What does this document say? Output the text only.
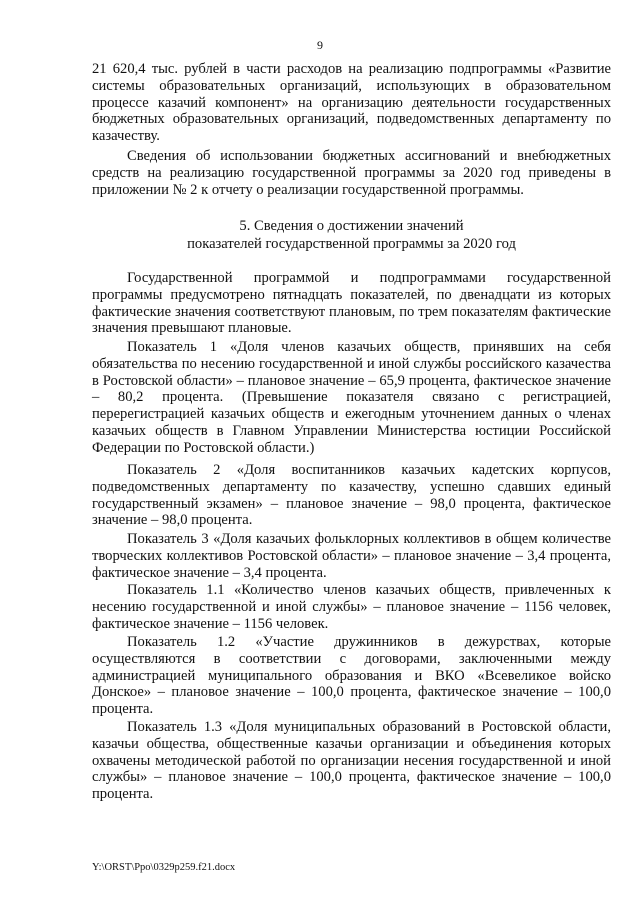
9

21 620,4 тыс. рублей в части расходов на реализацию подпрограммы «Развитие системы образовательных организаций, использующих в образовательном процессе казачий компонент» на организацию деятельности государственных бюджетных образовательных организаций, подведомственных департаменту по казачеству.

Сведения об использовании бюджетных ассигнований и внебюджетных средств на реализацию государственной программы за 2020 год приведены в приложении № 2 к отчету о реализации государственной программы.

5. Сведения о достижении значений
показателей государственной программы за 2020 год

Государственной программой и подпрограммами государственной программы предусмотрено пятнадцать показателей, по двенадцати из которых фактические значения соответствуют плановым, по трем показателям фактические значения превышают плановые.

Показатель 1 «Доля членов казачьих обществ, принявших на себя обязательства по несению государственной и иной службы российского казачества в Ростовской области» – плановое значение – 65,9 процента, фактическое значение – 80,2 процента. (Превышение показателя связано с регистрацией, перерегистрацией казачьих обществ и ежегодным уточнением данных о членах казачьих обществ в Главном Управлении Министерства юстиции Российской Федерации по Ростовской области.)

Показатель 2 «Доля воспитанников казачьих кадетских корпусов, подведомственных департаменту по казачеству, успешно сдавших единый государственный экзамен» – плановое значение – 98,0 процента, фактическое значение – 98,0 процента.

Показатель 3 «Доля казачьих фольклорных коллективов в общем количестве творческих коллективов Ростовской области» – плановое значение – 3,4 процента, фактическое значение – 3,4 процента.

Показатель 1.1 «Количество членов казачьих обществ, привлеченных к несению государственной и иной службы» – плановое значение – 1156 человек, фактическое значение – 1156 человек.

Показатель 1.2 «Участие дружинников в дежурствах, которые осуществляются в соответствии с договорами, заключенными между администрацией муниципального образования и ВКО «Всевеликое войско Донское» – плановое значение – 100,0 процента, фактическое значение – 100,0 процента.

Показатель 1.3 «Доля муниципальных образований в Ростовской области, казачьи общества, общественные казачьи организации и объединения которых охвачены методической работой по организации несения государственной и иной службы» – плановое значение – 100,0 процента, фактическое значение – 100,0 процента.

Y:\ORST\Ppo\0329p259.f21.docx
